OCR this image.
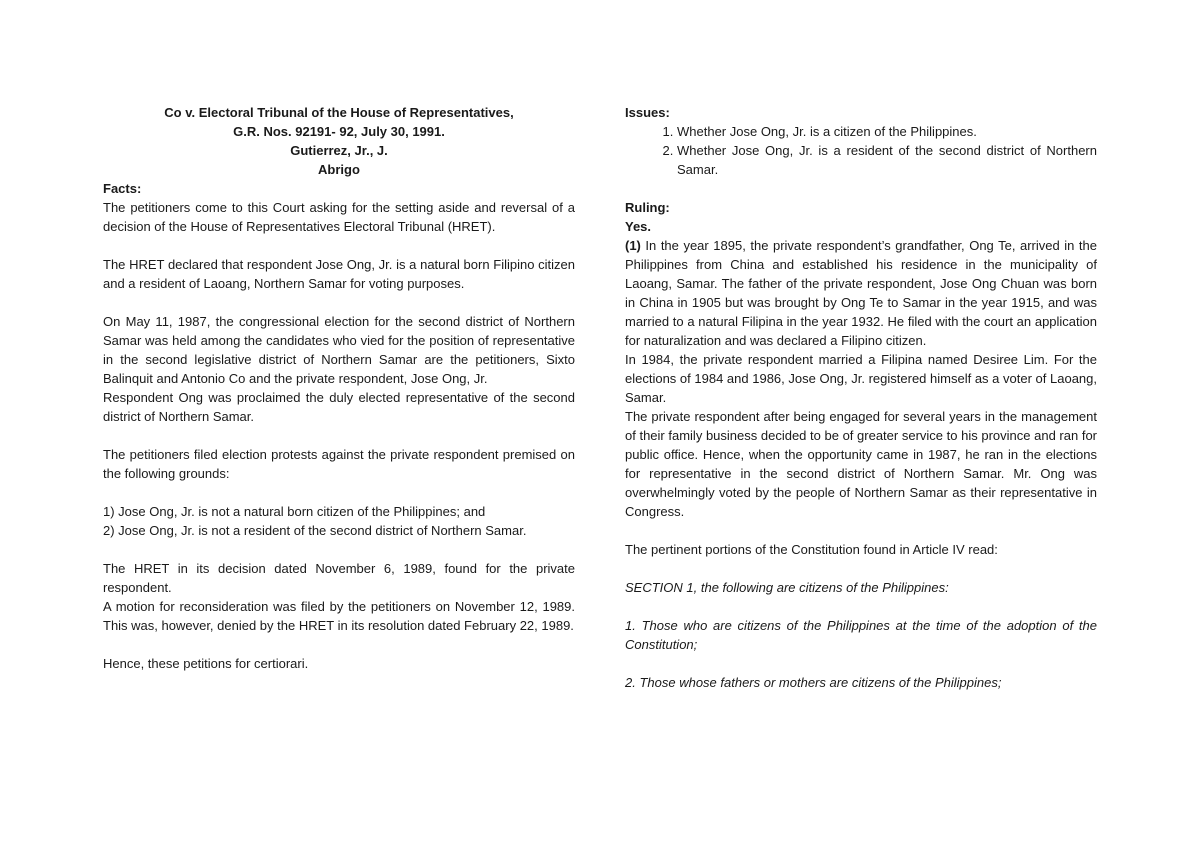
Co v. Electoral Tribunal of the House of Representatives,

G.R. Nos. 92191- 92, July 30, 1991.

Gutierrez, Jr., J.

Abrigo

Facts:

The petitioners come to this Court asking for the setting aside and reversal of a decision of the House of Representatives Electoral Tribunal (HRET).

The HRET declared that respondent Jose Ong, Jr. is a natural born Filipino citizen and a resident of Laoang, Northern Samar for voting purposes.

On May 11, 1987, the congressional election for the second district of Northern Samar was held among the candidates who vied for the position of representative in the second legislative district of Northern Samar are the petitioners, Sixto Balinquit and Antonio Co and the private respondent, Jose Ong, Jr.

Respondent Ong was proclaimed the duly elected representative of the second district of Northern Samar.

The petitioners filed election protests against the private respondent premised on the following grounds:

1) Jose Ong, Jr. is not a natural born citizen of the Philippines; and

2) Jose Ong, Jr. is not a resident of the second district of Northern Samar.

The HRET in its decision dated November 6, 1989, found for the private respondent.

A motion for reconsideration was filed by the petitioners on November 12, 1989. This was, however, denied by the HRET in its resolution dated February 22, 1989.

Hence, these petitions for certiorari.

Issues:

1. Whether Jose Ong, Jr. is a citizen of the Philippines.
2. Whether Jose Ong, Jr. is a resident of the second district of Northern Samar.

Ruling:

Yes.

(1) In the year 1895, the private respondent’s grandfather, Ong Te, arrived in the Philippines from China and established his residence in the municipality of Laoang, Samar. The father of the private respondent, Jose Ong Chuan was born in China in 1905 but was brought by Ong Te to Samar in the year 1915, and was married to a natural Filipina in the year 1932. He filed with the court an application for naturalization and was declared a Filipino citizen.

In 1984, the private respondent married a Filipina named Desiree Lim. For the elections of 1984 and 1986, Jose Ong, Jr. registered himself as a voter of Laoang, Samar.

The private respondent after being engaged for several years in the management of their family business decided to be of greater service to his province and ran for public office. Hence, when the opportunity came in 1987, he ran in the elections for representative in the second district of Northern Samar. Mr. Ong was overwhelmingly voted by the people of Northern Samar as their representative in Congress.

The pertinent portions of the Constitution found in Article IV read:

SECTION 1, the following are citizens of the Philippines:

1. Those who are citizens of the Philippines at the time of the adoption of the Constitution;

2. Those whose fathers or mothers are citizens of the Philippines;
